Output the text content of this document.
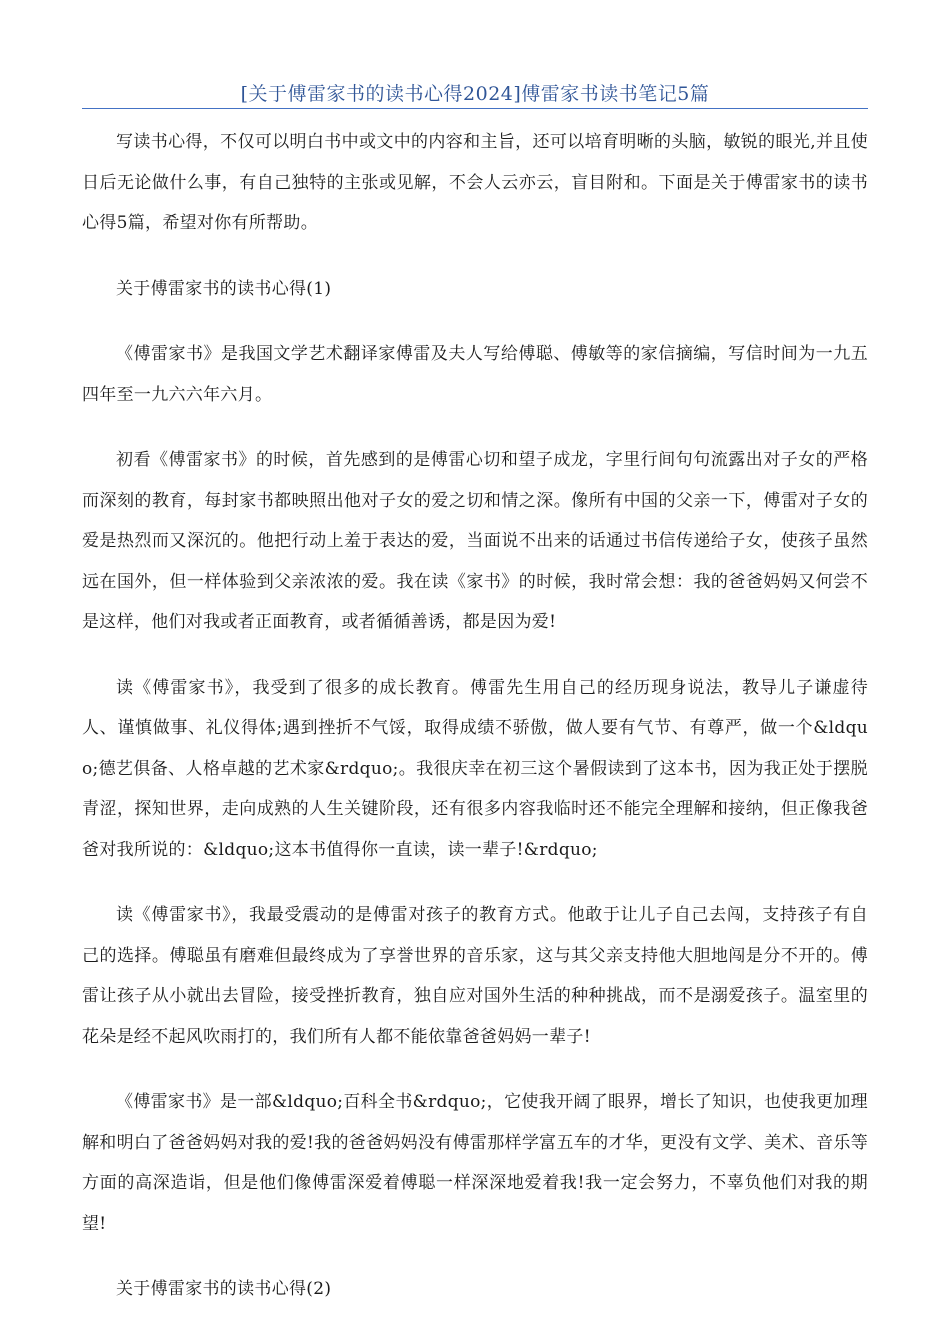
[关于傅雷家书的读书心得2024]傅雷家书读书笔记5篇

写读书心得，不仅可以明白书中或文中的内容和主旨，还可以培育明晰的头脑，敏锐的眼光,并且使日后无论做什么事，有自己独特的主张或见解，不会人云亦云，盲目附和。下面是关于傅雷家书的读书心得5篇，希望对你有所帮助。

关于傅雷家书的读书心得(1)

《傅雷家书》是我国文学艺术翻译家傅雷及夫人写给傅聪、傅敏等的家信摘编，写信时间为一九五四年至一九六六年六月。

初看《傅雷家书》的时候，首先感到的是傅雷心切和望子成龙，字里行间句句流露出对子女的严格而深刻的教育，每封家书都映照出他对子女的爱之切和情之深。像所有中国的父亲一下，傅雷对子女的爱是热烈而又深沉的。他把行动上羞于表达的爱，当面说不出来的话通过书信传递给子女，使孩子虽然远在国外，但一样体验到父亲浓浓的爱。我在读《家书》的时候，我时常会想：我的爸爸妈妈又何尝不是这样，他们对我或者正面教育，或者循循善诱，都是因为爱!

读《傅雷家书》，我受到了很多的成长教育。傅雷先生用自己的经历现身说法，教导儿子谦虚待人、谨慎做事、礼仪得体;遇到挫折不气馁，取得成绩不骄傲，做人要有气节、有尊严，做一个&ldquo;德艺俱备、人格卓越的艺术家&rdquo;。我很庆幸在初三这个暑假读到了这本书，因为我正处于摆脱青涩，探知世界，走向成熟的人生关键阶段，还有很多内容我临时还不能完全理解和接纳，但正像我爸爸对我所说的：&ldquo;这本书值得你一直读，读一辈子!&rdquo;

读《傅雷家书》，我最受震动的是傅雷对孩子的教育方式。他敢于让儿子自己去闯，支持孩子有自己的选择。傅聪虽有磨难但最终成为了享誉世界的音乐家，这与其父亲支持他大胆地闯是分不开的。傅雷让孩子从小就出去冒险，接受挫折教育，独自应对国外生活的种种挑战，而不是溺爱孩子。温室里的花朵是经不起风吹雨打的，我们所有人都不能依靠爸爸妈妈一辈子!

《傅雷家书》是一部&ldquo;百科全书&rdquo;，它使我开阔了眼界，增长了知识，也使我更加理解和明白了爸爸妈妈对我的爱!我的爸爸妈妈没有傅雷那样学富五车的才华，更没有文学、美术、音乐等方面的高深造诣，但是他们像傅雷深爱着傅聪一样深深地爱着我!我一定会努力，不辜负他们对我的期望!

关于傅雷家书的读书心得(2)
